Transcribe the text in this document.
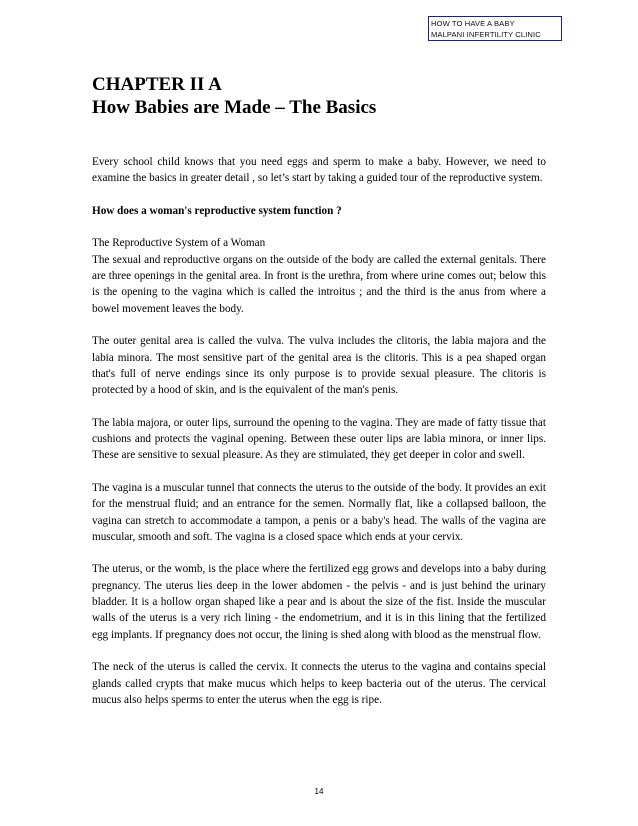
HOW TO HAVE A BABY
MALPANI INFERTILITY CLINIC
CHAPTER II A
How Babies are Made – The Basics

Every school child knows that you need eggs and sperm to make a baby. However, we need to examine the basics in greater detail , so let’s start by taking a guided tour of the reproductive system.

How does a woman's reproductive system function ?

The Reproductive System of a Woman
The sexual and reproductive organs on the outside of the body are called the external genitals. There are three openings in the genital area. In front is the urethra, from where urine comes out; below this is the opening to the vagina which is called the introitus ; and the third is the anus from where a bowel movement leaves the body.

The outer genital area is called the vulva. The vulva includes the clitoris, the labia majora and the labia minora. The most sensitive part of the genital area is the clitoris. This is a pea shaped organ that's full of nerve endings since its only purpose is to provide sexual pleasure. The clitoris is protected by a hood of skin, and is the equivalent of the man's penis.

The labia majora, or outer lips, surround the opening to the vagina. They are made of fatty tissue that cushions and protects the vaginal opening. Between these outer lips are labia minora, or inner lips. These are sensitive to sexual pleasure. As they are stimulated, they get deeper in color and swell.

The vagina is a muscular tunnel that connects the uterus to the outside of the body. It provides an exit for the menstrual fluid; and an entrance for the semen. Normally flat, like a collapsed balloon, the vagina can stretch to accommodate a tampon, a penis or a baby's head. The walls of the vagina are muscular, smooth and soft. The vagina is a closed space which ends at your cervix.

The uterus, or the womb, is the place where the fertilized egg grows and develops into a baby during pregnancy. The uterus lies deep in the lower abdomen - the pelvis - and is just behind the urinary bladder. It is a hollow organ shaped like a pear and is about the size of the fist. Inside the muscular walls of the uterus is a very rich lining - the endometrium, and it is in this lining that the fertilized egg implants. If pregnancy does not occur, the lining is shed along with blood as the menstrual flow.

The neck of the uterus is called the cervix. It connects the uterus to the vagina and contains special glands called crypts that make mucus which helps to keep bacteria out of the uterus. The cervical mucus also helps sperms to enter the uterus when the egg is ripe.

14
